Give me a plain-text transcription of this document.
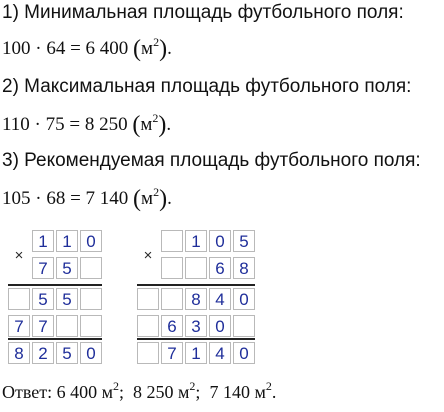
1) Минимальная площадь футбольного поля:
100 · 64 = 6 400 $(м^2)$.
2) Максимальная площадь футбольного поля:
110 · 75 = 8 250 $(м^2)$.
3) Рекомендуемая площадь футбольного поля:
105 · 68 = 7 140 $(м^2)$.
×
1 1 0
7 5
5 5
7 7
8 2 5 0
×
1 0 5
6 8
8 4 0
6 3 0
7 1 4 0
Ответ: 6 400 $м^2$; 8 250 $м^2$; 7 140 $м^2$.
